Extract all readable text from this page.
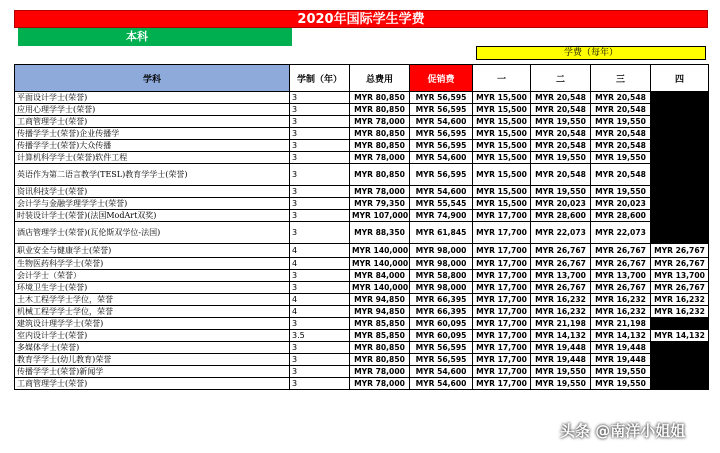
2020年国际学生学费
本科
学费（每年）
学科	学制（年）	总费用	促销费	一	二	三	四
平面设计学士(荣誉)	3	MYR 80,850	MYR 56,595	MYR 15,500	MYR 20,548	MYR 20,548	
应用心理学学士(荣誉)	3	MYR 80,850	MYR 56,595	MYR 15,500	MYR 20,548	MYR 20,548	
工商管理学士(荣誉)	3	MYR 78,000	MYR 54,600	MYR 15,500	MYR 19,550	MYR 19,550	
传播学学士(荣誉)企业传播学	3	MYR 80,850	MYR 56,595	MYR 15,500	MYR 20,548	MYR 20,548	
传播学学士(荣誉)大众传播	3	MYR 80,850	MYR 56,595	MYR 15,500	MYR 20,548	MYR 20,548	
计算机科学学士(荣誉)软件工程	3	MYR 78,000	MYR 54,600	MYR 15,500	MYR 19,550	MYR 19,550	
英语作为第二语言教学(TESL)教育学学士(荣誉)	3	MYR 80,850	MYR 56,595	MYR 15,500	MYR 20,548	MYR 20,548	
资讯科技学士(荣誉)	3	MYR 78,000	MYR 54,600	MYR 15,500	MYR 19,550	MYR 19,550	
会计学与金融学理学学士(荣誉)	3	MYR 79,350	MYR 55,545	MYR 15,500	MYR 20,023	MYR 20,023	
时装设计学士(荣誉)(法国ModArt双奖)	3	MYR 107,000	MYR 74,900	MYR 17,700	MYR 28,600	MYR 28,600	
酒店管理学士(荣誉)(瓦伦斯双学位-法国)	3	MYR 88,350	MYR 61,845	MYR 17,700	MYR 22,073	MYR 22,073	
职业安全与健康学士(荣誉)	4	MYR 140,000	MYR 98,000	MYR 17,700	MYR 26,767	MYR 26,767	MYR 26,767
生物医药科学学士(荣誉)	4	MYR 140,000	MYR 98,000	MYR 17,700	MYR 26,767	MYR 26,767	MYR 26,767
会计学士（荣誉）	3	MYR 84,000	MYR 58,800	MYR 17,700	MYR 13,700	MYR 13,700	MYR 13,700
环境卫生学士(荣誉)	3	MYR 140,000	MYR 98,000	MYR 17,700	MYR 26,767	MYR 26,767	MYR 26,767
土木工程学学士学位，荣誉	4	MYR 94,850	MYR 66,395	MYR 17,700	MYR 16,232	MYR 16,232	MYR 16,232
机械工程学学士学位，荣誉	4	MYR 94,850	MYR 66,395	MYR 17,700	MYR 16,232	MYR 16,232	MYR 16,232
建筑设计理学学士(荣誉)	3	MYR 85,850	MYR 60,095	MYR 17,700	MYR 21,198	MYR 21,198	
室内设计学士(荣誉)	3.5	MYR 85,850	MYR 60,095	MYR 17,700	MYR 14,132	MYR 14,132	MYR 14,132
多媒体学士(荣誉)	3	MYR 80,850	MYR 56,595	MYR 17,700	MYR 19,448	MYR 19,448	
教育学学士(幼儿教育)荣誉	3	MYR 80,850	MYR 56,595	MYR 17,700	MYR 19,448	MYR 19,448	
传播学学士(荣誉)新闻学	3	MYR 78,000	MYR 54,600	MYR 17,700	MYR 19,550	MYR 19,550	
工商管理学士(荣誉)	3	MYR 78,000	MYR 54,600	MYR 17,700	MYR 19,550	MYR 19,550	
头条 @南洋小姐姐
